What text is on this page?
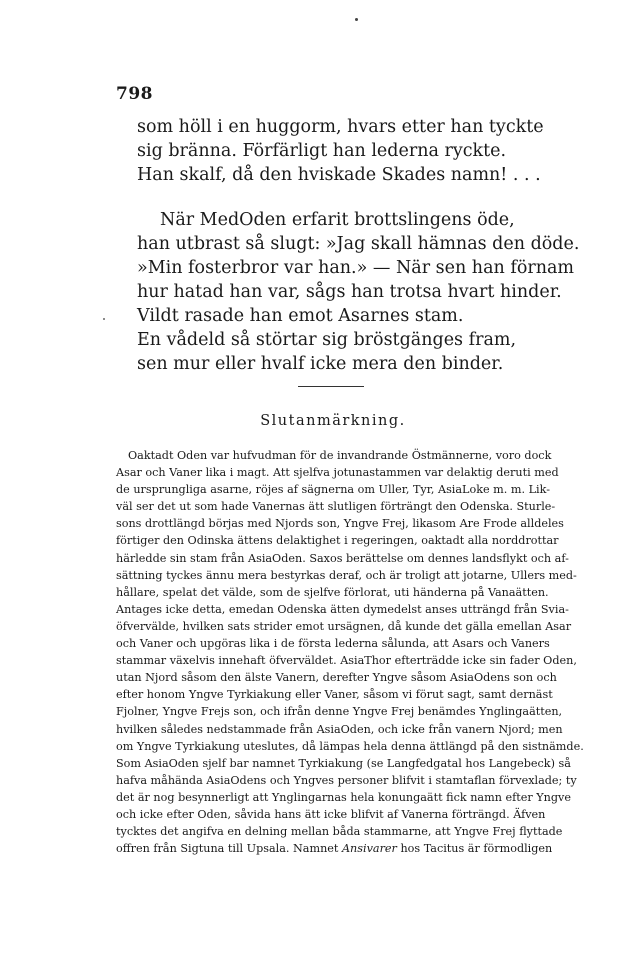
798
som höll i en huggorm, hvars etter han tyckte
sig bränna. Förfärligt han lederna ryckte.
Han skalf, då den hviskade Skades namn! . . .
När MedOden erfarit brottslingens öde,
han utbrast så slugt: »Jag skall hämnas den döde.
»Min fosterbror var han.» — När sen han förnam
hur hatad han var, sågs han trotsa hvart hinder.
Vildt rasade han emot Asarnes stam.
En vådeld så störtar sig bröstgänges fram,
sen mur eller hvalf icke mera den binder.
Slutanmärkning.
Oaktadt Oden var hufvudman för de invandrande Östmännerne, voro dock
Asar och Vaner lika i magt. Att sjelfva jotunastammen var delaktig deruti med
de ursprungliga asarne, röjes af sägnerna om Uller, Tyr, AsiaLoke m. m. Lik-
väl ser det ut som hade Vanernas ätt slutligen förträngt den Odenska. Sturle-
sons drottlängd börjas med Njords son, Yngve Frej, likasom Are Frode alldeles
förtiger den Odinska ättens delaktighet i regeringen, oaktadt alla norddrottar
härledde sin stam från AsiaOden. Saxos berättelse om dennes landsflykt och af-
sättning tyckes ännu mera bestyrkas deraf, och är troligt att jotarne, Ullers med-
hållare, spelat det välde, som de sjelfve förlorat, uti händerna på Vanaätten.
Antages icke detta, emedan Odenska ätten dymedelst anses utträngd från Svia-
öfverväldе, hvilken sats strider emot ursägnen, då kunde det gälla emellan Asar
och Vaner och upgöras lika i de första lederna sålunda, att Asars och Vaners
stammar växelvis innehaft öfverväldet. AsiaThor efterträdde icke sin fader Oden,
utan Njord såsom den älste Vanern, derefter Yngve såsom AsiaOdens son och
efter honom Yngve Tyrkiakung eller Vaner, såsom vi förut sagt, samt dernäst
Fjolner, Yngve Frejs son, och ifrån denne Yngve Frej benämdes Ynglingaätten,
hvilken således nedstammade från AsiaOden, och icke från vanern Njord; men
om Yngve Tyrkiakung uteslutes, då lämpas hela denna ättlängd på den sistnämde.
Som AsiaOden sjelf bar namnet Tyrkiakung (se Langfedgatal hos Langebeck) så
hafva måhända AsiaOdens och Yngves personer blifvit i stamtaflan förvexlade; ty
det är nog besynnerligt att Ynglingarnas hela konungaätt fick namn efter Yngve
och icke efter Oden, såvida hans ätt icke blifvit af Vanerna förträngd. Äfven
tycktes det angifva en delning mellan båda stammarne, att Yngve Frej flyttade
offren från Sigtuna till Upsala. Namnet Ansivarer hos Tacitus är förmodligen
